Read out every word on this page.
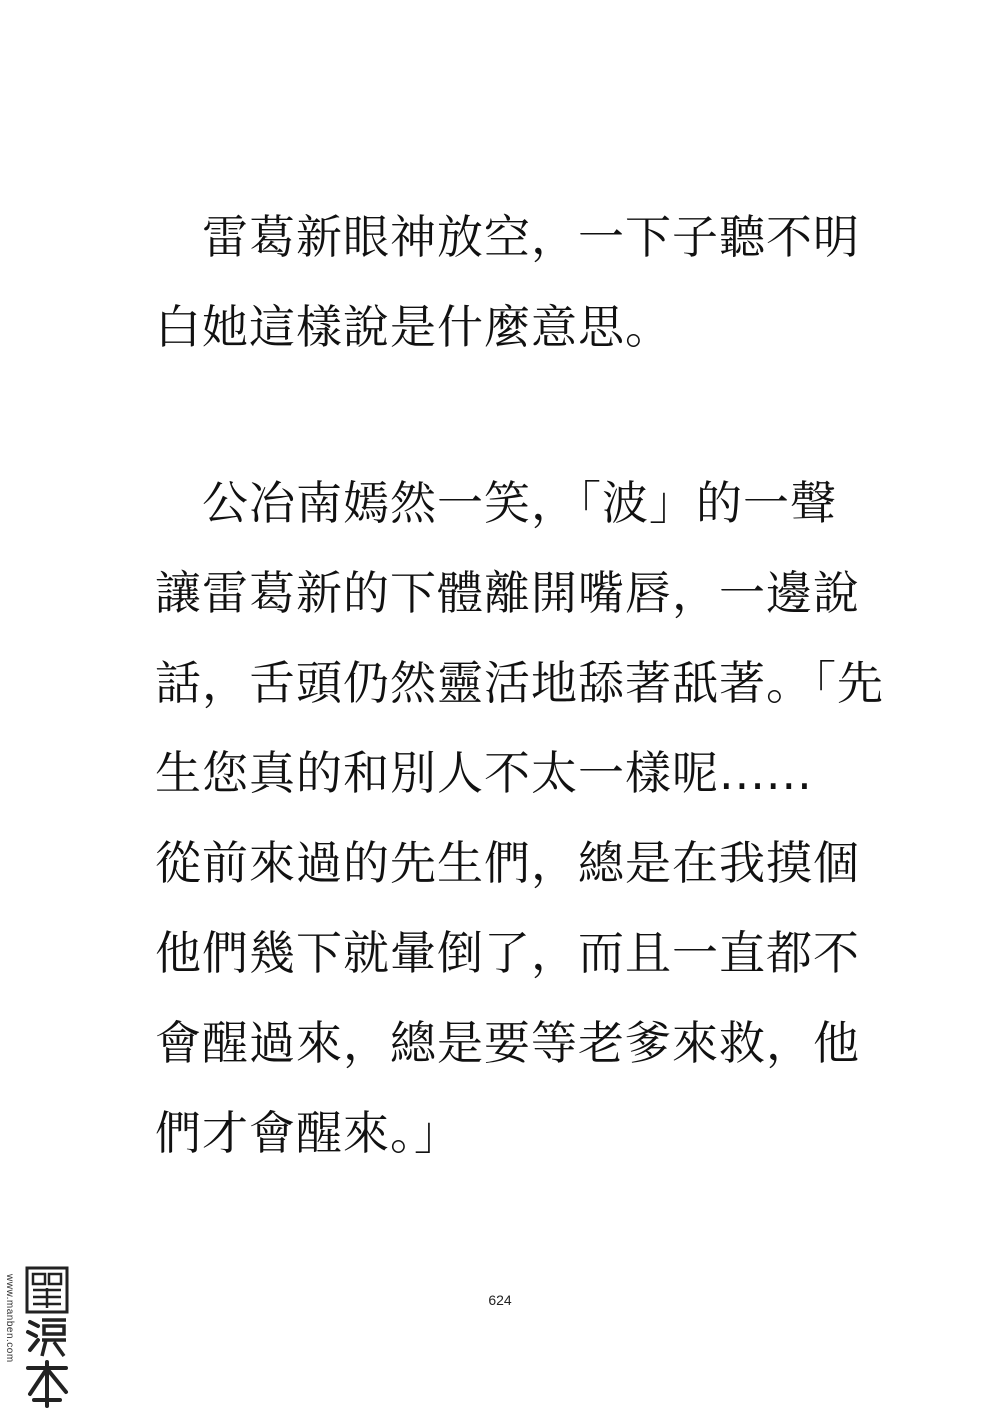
　雷葛新眼神放空，一下子聽不明
白她這樣說是什麼意思。
　公冶南嫣然一笑，「波」的一聲
讓雷葛新的下體離開嘴唇，一邊說
話，舌頭仍然靈活地舔著舐著。「先
生您真的和別人不太一樣呢......
從前來過的先生們，總是在我摸個
他們幾下就暈倒了，而且一直都不
會醒過來，總是要等老爹來救，他
們才會醒來。」
624
www.manben.com
